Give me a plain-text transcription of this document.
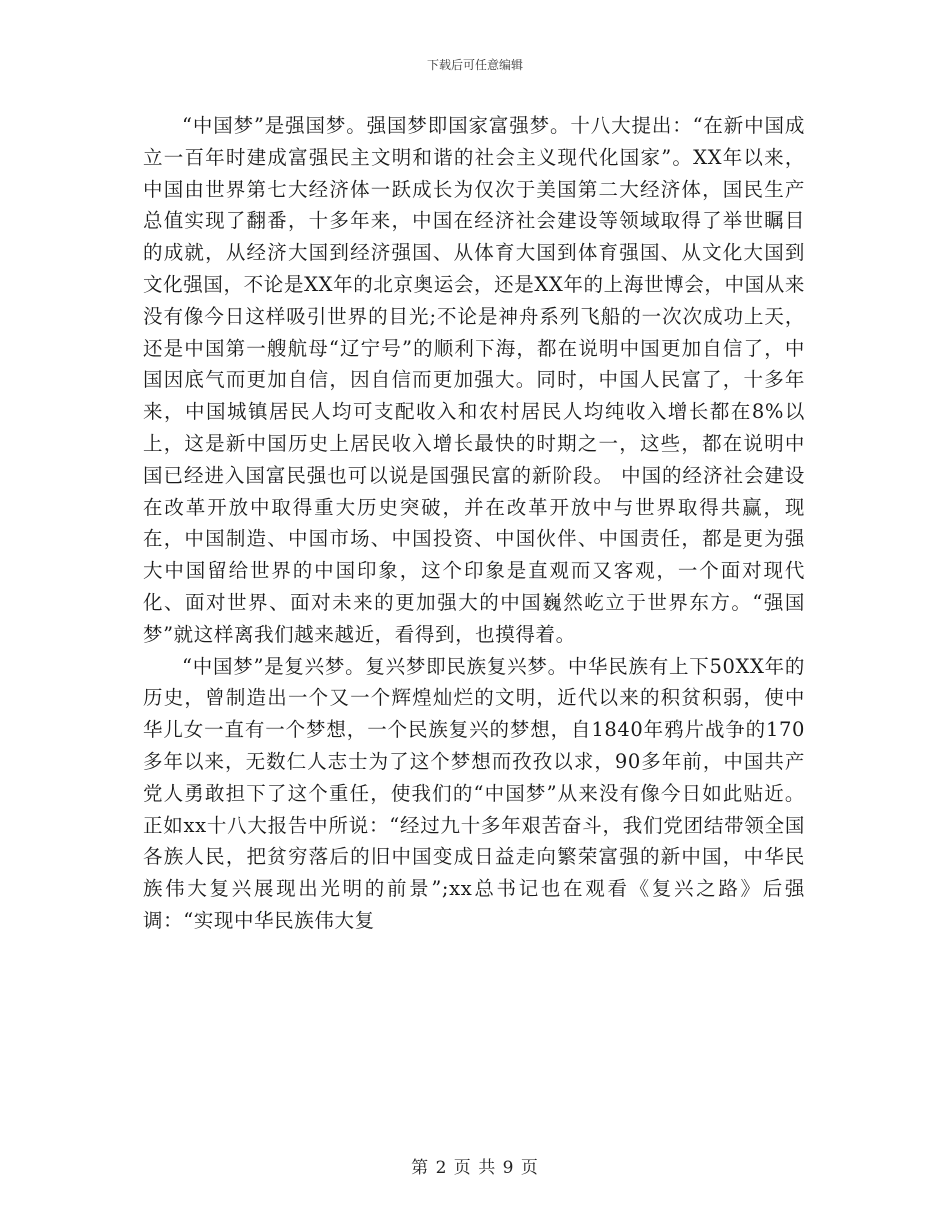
下载后可任意编辑

“中国梦”是强国梦。强国梦即国家富强梦。十八大提出：“在新中国成立一百年时建成富强民主文明和谐的社会主义现代化国家”。XX年以来，中国由世界第七大经济体一跃成长为仅次于美国第二大经济体，国民生产总值实现了翻番，十多年来，中国在经济社会建设等领域取得了举世瞩目的成就，从经济大国到经济强国、从体育大国到体育强国、从文化大国到文化强国，不论是XX年的北京奥运会，还是XX年的上海世博会，中国从来没有像今日这样吸引世界的目光;不论是神舟系列飞船的一次次成功上天，还是中国第一艘航母“辽宁号”的顺利下海，都在说明中国更加自信了，中国因底气而更加自信，因自信而更加强大。同时，中国人民富了，十多年来，中国城镇居民人均可支配收入和农村居民人均纯收入增长都在8%以上，这是新中国历史上居民收入增长最快的时期之一，这些，都在说明中国已经进入国富民强也可以说是国强民富的新阶段。 中国的经济社会建设在改革开放中取得重大历史突破，并在改革开放中与世界取得共赢，现在，中国制造、中国市场、中国投资、中国伙伴、中国责任，都是更为强大中国留给世界的中国印象，这个印象是直观而又客观，一个面对现代化、面对世界、面对未来的更加强大的中国巍然屹立于世界东方。“强国梦”就这样离我们越来越近，看得到，也摸得着。

“中国梦”是复兴梦。复兴梦即民族复兴梦。中华民族有上下50XX年的历史，曾制造出一个又一个辉煌灿烂的文明，近代以来的积贫积弱，使中华儿女一直有一个梦想，一个民族复兴的梦想，自1840年鸦片战争的170多年以来，无数仁人志士为了这个梦想而孜孜以求，90多年前，中国共产党人勇敢担下了这个重任，使我们的“中国梦”从来没有像今日如此贴近。正如xx十八大报告中所说：“经过九十多年艰苦奋斗，我们党团结带领全国各族人民，把贫穷落后的旧中国变成日益走向繁荣富强的新中国，中华民族伟大复兴展现出光明的前景”;xx总书记也在观看《复兴之路》后强调：“实现中华民族伟大复

第 2 页 共 9 页
